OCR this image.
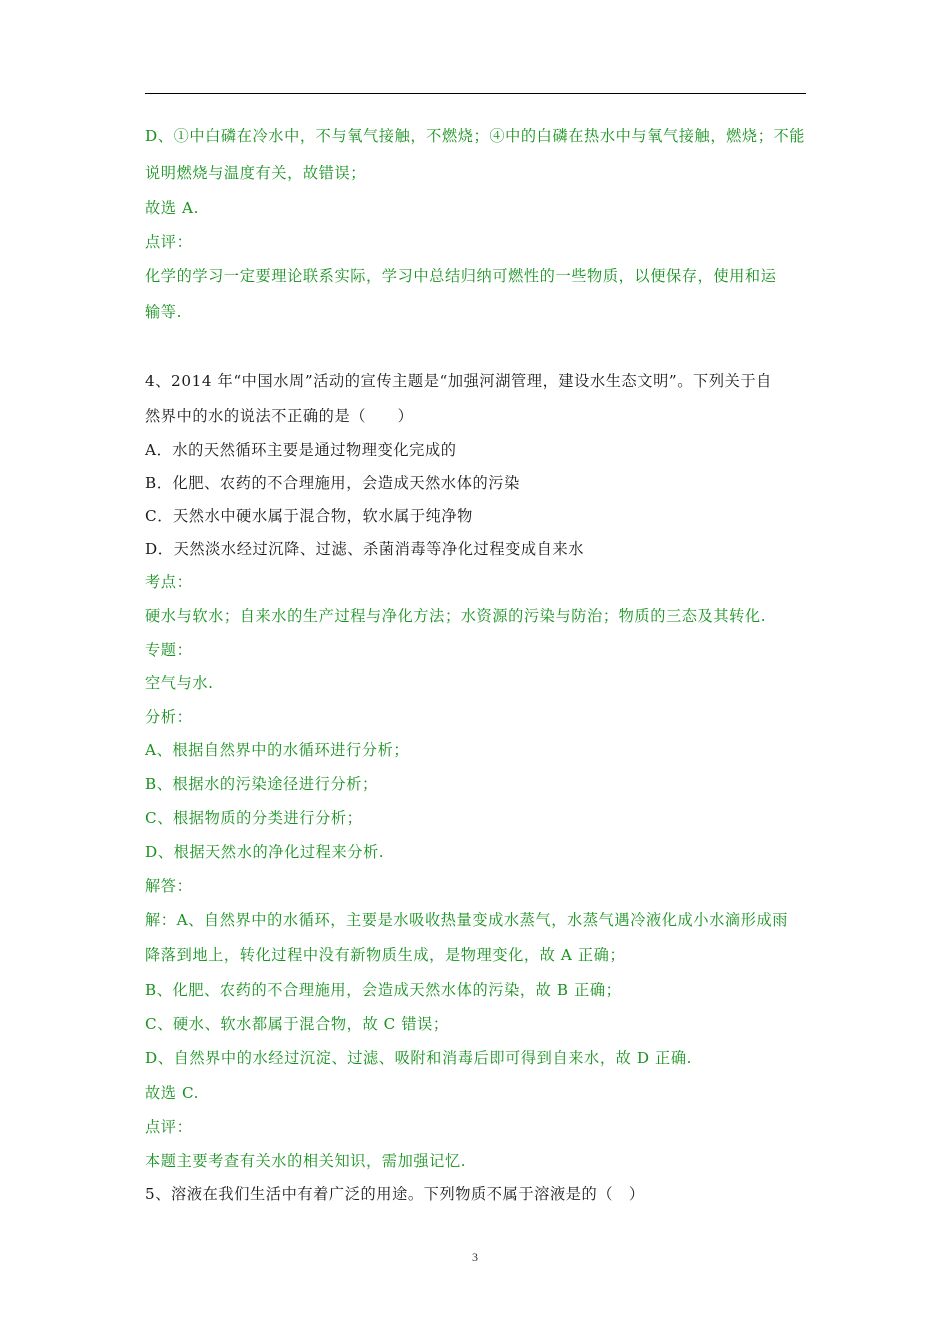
D、①中白磷在冷水中，不与氧气接触，不燃烧；④中的白磷在热水中与氧气接触，燃烧；不能
说明燃烧与温度有关，故错误；
故选 A.
点评：
化学的学习一定要理论联系实际，学习中总结归纳可燃性的一些物质，以便保存，使用和运
输等.
4、2014 年“中国水周”活动的宣传主题是“加强河湖管理，建设水生态文明”。下列关于自
然界中的水的说法不正确的是（　　）
A．水的天然循环主要是通过物理变化完成的
B．化肥、农药的不合理施用，会造成天然水体的污染
C．天然水中硬水属于混合物，软水属于纯净物
D．天然淡水经过沉降、过滤、杀菌消毒等净化过程变成自来水
考点：
硬水与软水；自来水的生产过程与净化方法；水资源的污染与防治；物质的三态及其转化.
专题：
空气与水.
分析：
A、根据自然界中的水循环进行分析；
B、根据水的污染途径进行分析；
C、根据物质的分类进行分析；
D、根据天然水的净化过程来分析.
解答：
解：A、自然界中的水循环，主要是水吸收热量变成水蒸气，水蒸气遇冷液化成小水滴形成雨
降落到地上，转化过程中没有新物质生成，是物理变化，故 A 正确；
B、化肥、农药的不合理施用，会造成天然水体的污染，故 B 正确；
C、硬水、软水都属于混合物，故 C 错误；
D、自然界中的水经过沉淀、过滤、吸附和消毒后即可得到自来水，故 D 正确.
故选 C.
点评：
本题主要考查有关水的相关知识，需加强记忆.
5、溶液在我们生活中有着广泛的用途。下列物质不属于溶液是的（　）
3
